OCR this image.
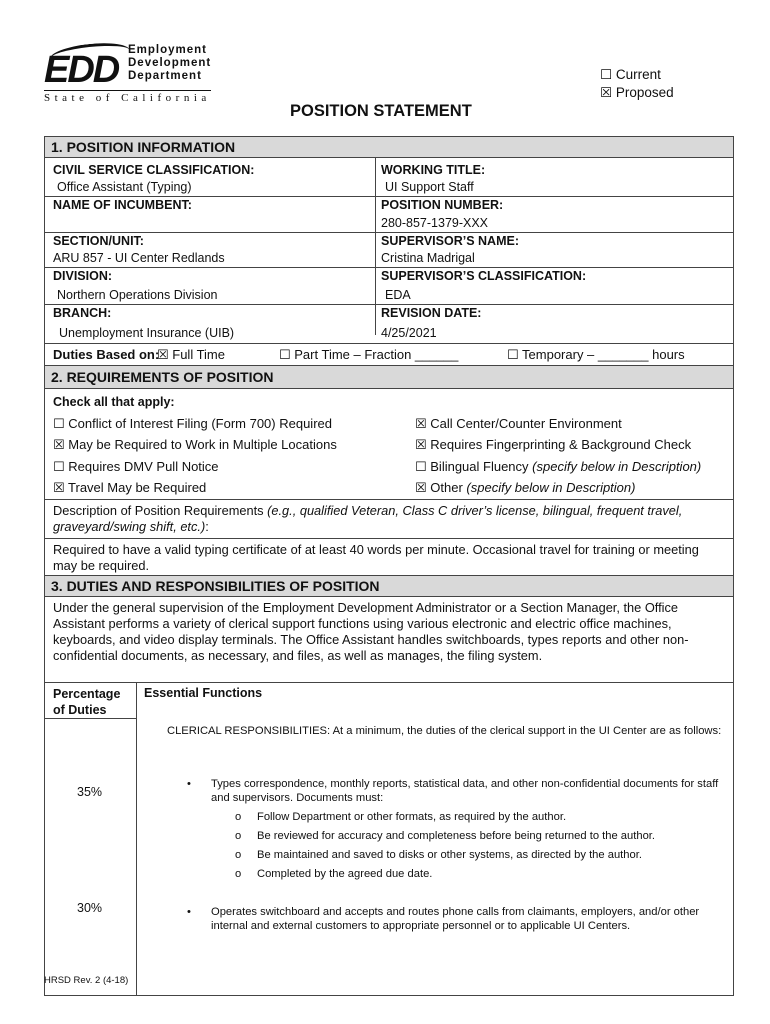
EDD Employment
Development
Department
State of California
☐ Current
☒ Proposed
POSITION STATEMENT
1. POSITION INFORMATION
CIVIL SERVICE CLASSIFICATION:
Office Assistant (Typing)
WORKING TITLE:
UI Support Staff
NAME OF INCUMBENT:	POSITION NUMBER:
280-857-1379-XXX
SECTION/UNIT:
ARU 857 - UI Center Redlands
SUPERVISOR’S NAME:
Cristina Madrigal
DIVISION:
Northern Operations Division
SUPERVISOR’S CLASSIFICATION:
EDA
BRANCH:
Unemployment Insurance (UIB)
REVISION DATE:
4/25/2021
Duties Based on:
☒ Full Time	☐ Part Time – Fraction ______	☐ Temporary – _______ hours
2. REQUIREMENTS OF POSITION
Check all that apply:
☐ Conflict of Interest Filing (Form 700) Required
☒ May be Required to Work in Multiple Locations
☐ Requires DMV Pull Notice
☒ Travel May be Required
☒ Call Center/Counter Environment
☒ Requires Fingerprinting & Background Check
☐ Bilingual Fluency (specify below in Description)
☒ Other (specify below in Description)
Description of Position Requirements (e.g., qualified Veteran, Class C driver’s license, bilingual, frequent travel, graveyard/swing shift, etc.):
Required to have a valid typing certificate of at least 40 words per minute. Occasional travel for training or meeting may be required.
3. DUTIES AND RESPONSIBILITIES OF POSITION
Under the general supervision of the Employment Development Administrator or a Section Manager, the Office Assistant performs a variety of clerical support functions using various electronic and electric office machines, keyboards, and video display terminals. The Office Assistant handles switchboards, types reports and other non-confidential documents, as necessary, and files, as well as manages, the filing system.
Percentage of Duties
Essential Functions
CLERICAL RESPONSIBILITIES: At a minimum, the duties of the clerical support in the UI Center are as follows:
35%
• Types correspondence, monthly reports, statistical data, and other non-confidential documents for staff and supervisors. Documents must:
o Follow Department or other formats, as required by the author.
o Be reviewed for accuracy and completeness before being returned to the author.
o Be maintained and saved to disks or other systems, as directed by the author.
o Completed by the agreed due date.
30%	• Operates switchboard and accepts and routes phone calls from claimants, employers, and/or other internal and external customers to appropriate personnel or to applicable UI Centers.
HRSD Rev. 2 (4-18)
